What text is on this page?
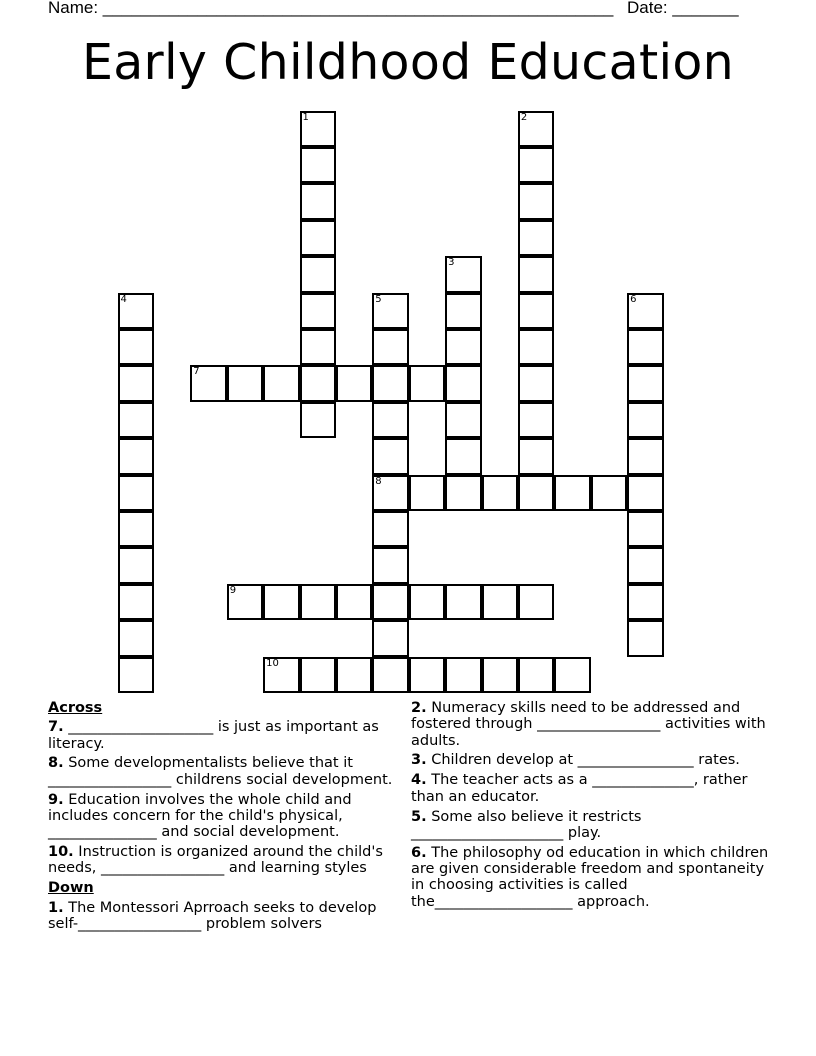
Name: ______________________________________________________ Date: _______
Early Childhood Education
1	2
3
4	5
8
6
7
9
10
Across
7. ____________________ is just as important as literacy.
8. Some developmentalists believe that it _________________ childrens social development.
9. Education involves the whole child and includes concern for the child's physical, _______________ and social development.
10. Instruction is organized around the child's needs, _________________ and learning styles
Down
1. The Montessori Aprroach seeks to develop self-_________________ problem solvers
2. Numeracy skills need to be addressed and fostered through _________________ activities with adults.
3. Children develop at ________________ rates.
4. The teacher acts as a ______________, rather than an educator.
5. Some also believe it restricts _____________________ play.
6. The philosophy od education in which children are given considerable freedom and spontaneity in choosing activities is called the___________________ approach.
